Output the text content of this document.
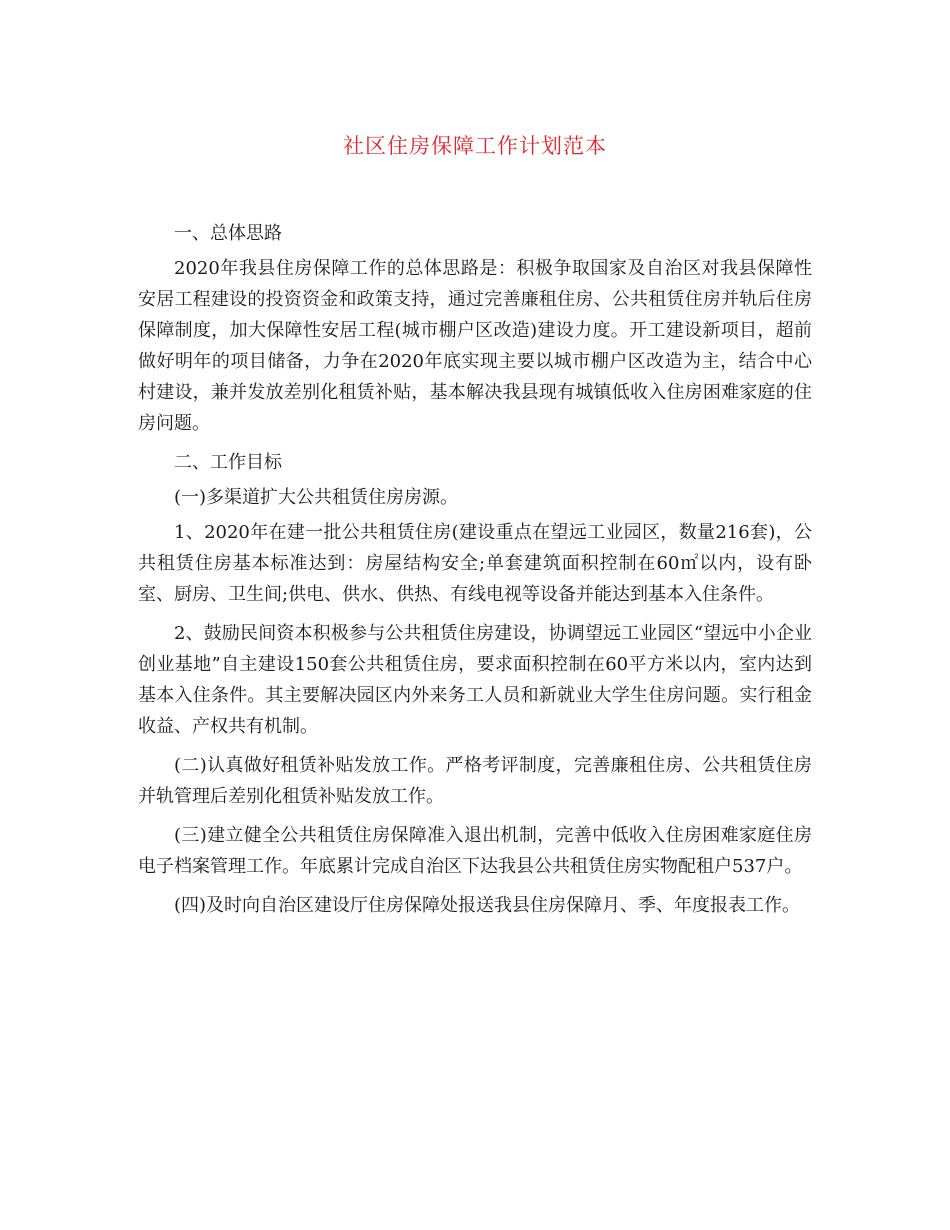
社区住房保障工作计划范本

一、总体思路

2020年我县住房保障工作的总体思路是：积极争取国家及自治区对我县保障性安居工程建设的投资资金和政策支持，通过完善廉租住房、公共租赁住房并轨后住房保障制度，加大保障性安居工程(城市棚户区改造)建设力度。开工建设新项目，超前做好明年的项目储备，力争在2020年底实现主要以城市棚户区改造为主，结合中心村建设，兼并发放差别化租赁补贴，基本解决我县现有城镇低收入住房困难家庭的住房问题。

二、工作目标

(一)多渠道扩大公共租赁住房房源。

1、2020年在建一批公共租赁住房(建设重点在望远工业园区，数量216套)，公共租赁住房基本标准达到：房屋结构安全;单套建筑面积控制在60㎡以内，设有卧室、厨房、卫生间;供电、供水、供热、有线电视等设备并能达到基本入住条件。

2、鼓励民间资本积极参与公共租赁住房建设，协调望远工业园区“望远中小企业创业基地”自主建设150套公共租赁住房，要求面积控制在60平方米以内，室内达到基本入住条件。其主要解决园区内外来务工人员和新就业大学生住房问题。实行租金收益、产权共有机制。

(二)认真做好租赁补贴发放工作。严格考评制度，完善廉租住房、公共租赁住房并轨管理后差别化租赁补贴发放工作。

(三)建立健全公共租赁住房保障准入退出机制，完善中低收入住房困难家庭住房电子档案管理工作。年底累计完成自治区下达我县公共租赁住房实物配租户537户。

(四)及时向自治区建设厅住房保障处报送我县住房保障月、季、年度报表工作。
